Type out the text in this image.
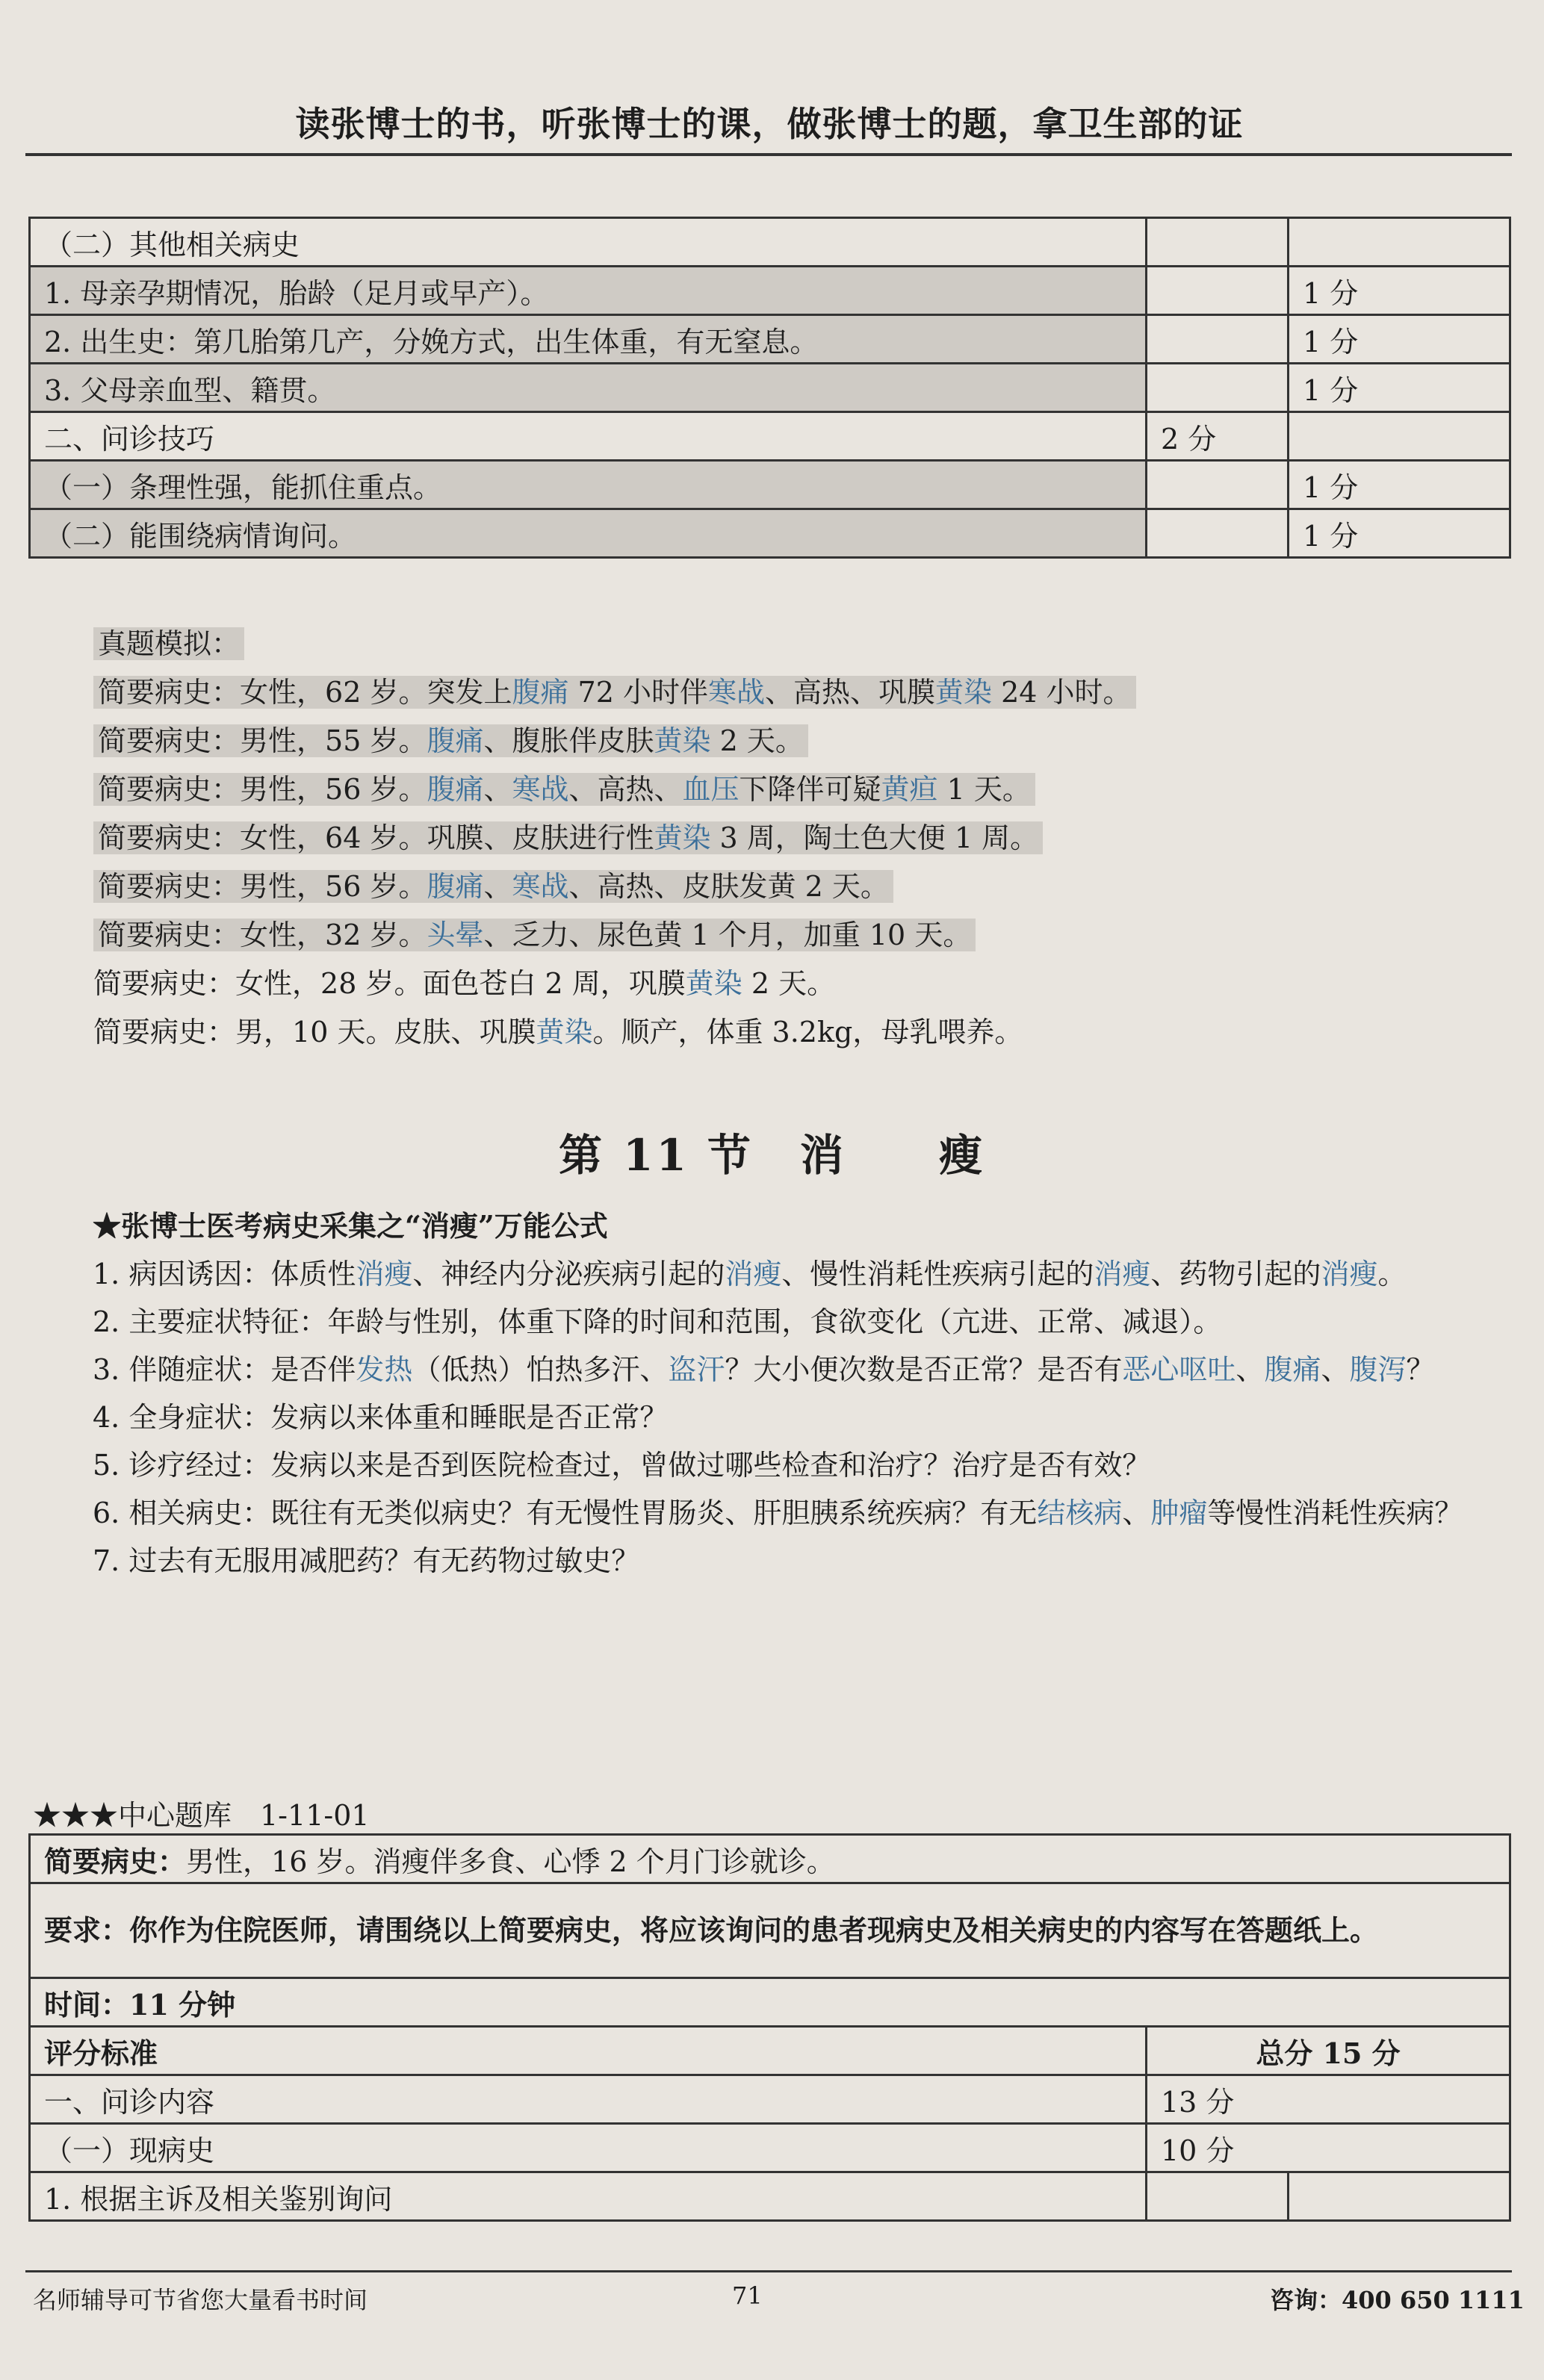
读张博士的书，听张博士的课，做张博士的题，拿卫生部的证
（二）其他相关病史		
1. 母亲孕期情况，胎龄（足月或早产）。		1 分
2. 出生史：第几胎第几产，分娩方式，出生体重，有无窒息。		1 分
3. 父母亲血型、籍贯。		1 分
二、问诊技巧	2 分	
（一）条理性强，能抓住重点。		1 分
（二）能围绕病情询问。		1 分
真题模拟：
简要病史：女性，62 岁。突发上腹痛 72 小时伴寒战、高热、巩膜黄染 24 小时。
简要病史：男性，55 岁。腹痛、腹胀伴皮肤黄染 2 天。
简要病史：男性，56 岁。腹痛、寒战、高热、血压下降伴可疑黄疸 1 天。
简要病史：女性，64 岁。巩膜、皮肤进行性黄染 3 周，陶土色大便 1 周。
简要病史：男性，56 岁。腹痛、寒战、高热、皮肤发黄 2 天。
简要病史：女性，32 岁。头晕、乏力、尿色黄 1 个月，加重 10 天。
简要病史：女性，28 岁。面色苍白 2 周，巩膜黄染 2 天。
简要病史：男，10 天。皮肤、巩膜黄染。顺产，体重 3.2kg，母乳喂养。
第 11 节　消　　瘦

★张博士医考病史采集之“消瘦”万能公式

1. 病因诱因：体质性消瘦、神经内分泌疾病引起的消瘦、慢性消耗性疾病引起的消瘦、药物引起的消瘦。

2. 主要症状特征：年龄与性别，体重下降的时间和范围，食欲变化（亢进、正常、减退）。

3. 伴随症状：是否伴发热（低热）怕热多汗、盗汗？大小便次数是否正常？是否有恶心呕吐、腹痛、腹泻？

4. 全身症状：发病以来体重和睡眠是否正常？

5. 诊疗经过：发病以来是否到医院检查过，曾做过哪些检查和治疗？治疗是否有效？

6. 相关病史：既往有无类似病史？有无慢性胃肠炎、肝胆胰系统疾病？有无结核病、肿瘤等慢性消耗性疾病？

7. 过去有无服用减肥药？有无药物过敏史？

★★★中心题库　1-11-01
简要病史：男性，16 岁。消瘦伴多食、心悸 2 个月门诊就诊。		
要求：你作为住院医师，请围绕以上简要病史，将应该询问的患者现病史及相关病史的内容写在答题纸上。		
时间：11 分钟		
评分标准	总分 15 分	
一、问诊内容	13 分	
（一）现病史	10 分	
1. 根据主诉及相关鉴别询问		
名师辅导可节省您大量看书时间	71	咨询：400 650 1111
